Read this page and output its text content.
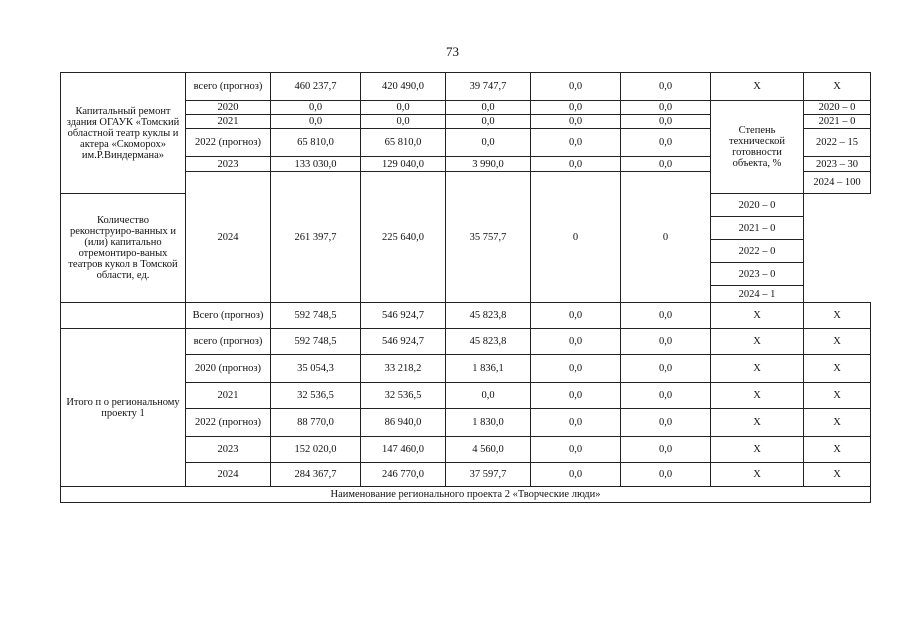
73
Капитальный ремонт здания ОГАУК «Томский областной театр куклы и актера «Скоморох» им.Р.Виндермана»	всего (прогноз)	460 237,7	420 490,0	39 747,7	0,0	0,0	X	X
	2020	0,0	0,0	0,0	0,0	0,0	Степень технической готовности объекта, %	2020 – 0
	2021	0,0	0,0	0,0	0,0	0,0		2021 – 0
	2022 (прогноз)	65 810,0	65 810,0	0,0	0,0	0,0		2022 – 15
	2023	133 030,0	129 040,0	3 990,0	0,0	0,0		2023 – 30
	2024	261 397,7	225 640,0	35 757,7	0	0		2024 – 100
Количество реконструиро-ванных и (или) капитально отремонтиро-ваных театров кукол в Томской области, ед.							2020 – 0	
							2021 – 0	
							2022 – 0	
							2023 – 0	
							2024 – 1	
	Всего (прогноз)	592 748,5	546 924,7	45 823,8	0,0	0,0	X	X
Итого п о региональному проекту 1	всего (прогноз)	592 748,5	546 924,7	45 823,8	0,0	0,0	X	X
	2020 (прогноз)	35 054,3	33 218,2	1 836,1	0,0	0,0	X	X
	2021	32 536,5	32 536,5	0,0	0,0	0,0	X	X
	2022 (прогноз)	88 770,0	86 940,0	1 830,0	0,0	0,0	X	X
	2023	152 020,0	147 460,0	4 560,0	0,0	0,0	X	X
	2024	284 367,7	246 770,0	37 597,7	0,0	0,0	X	X
Наименование регионального проекта 2 «Творческие люди»								
